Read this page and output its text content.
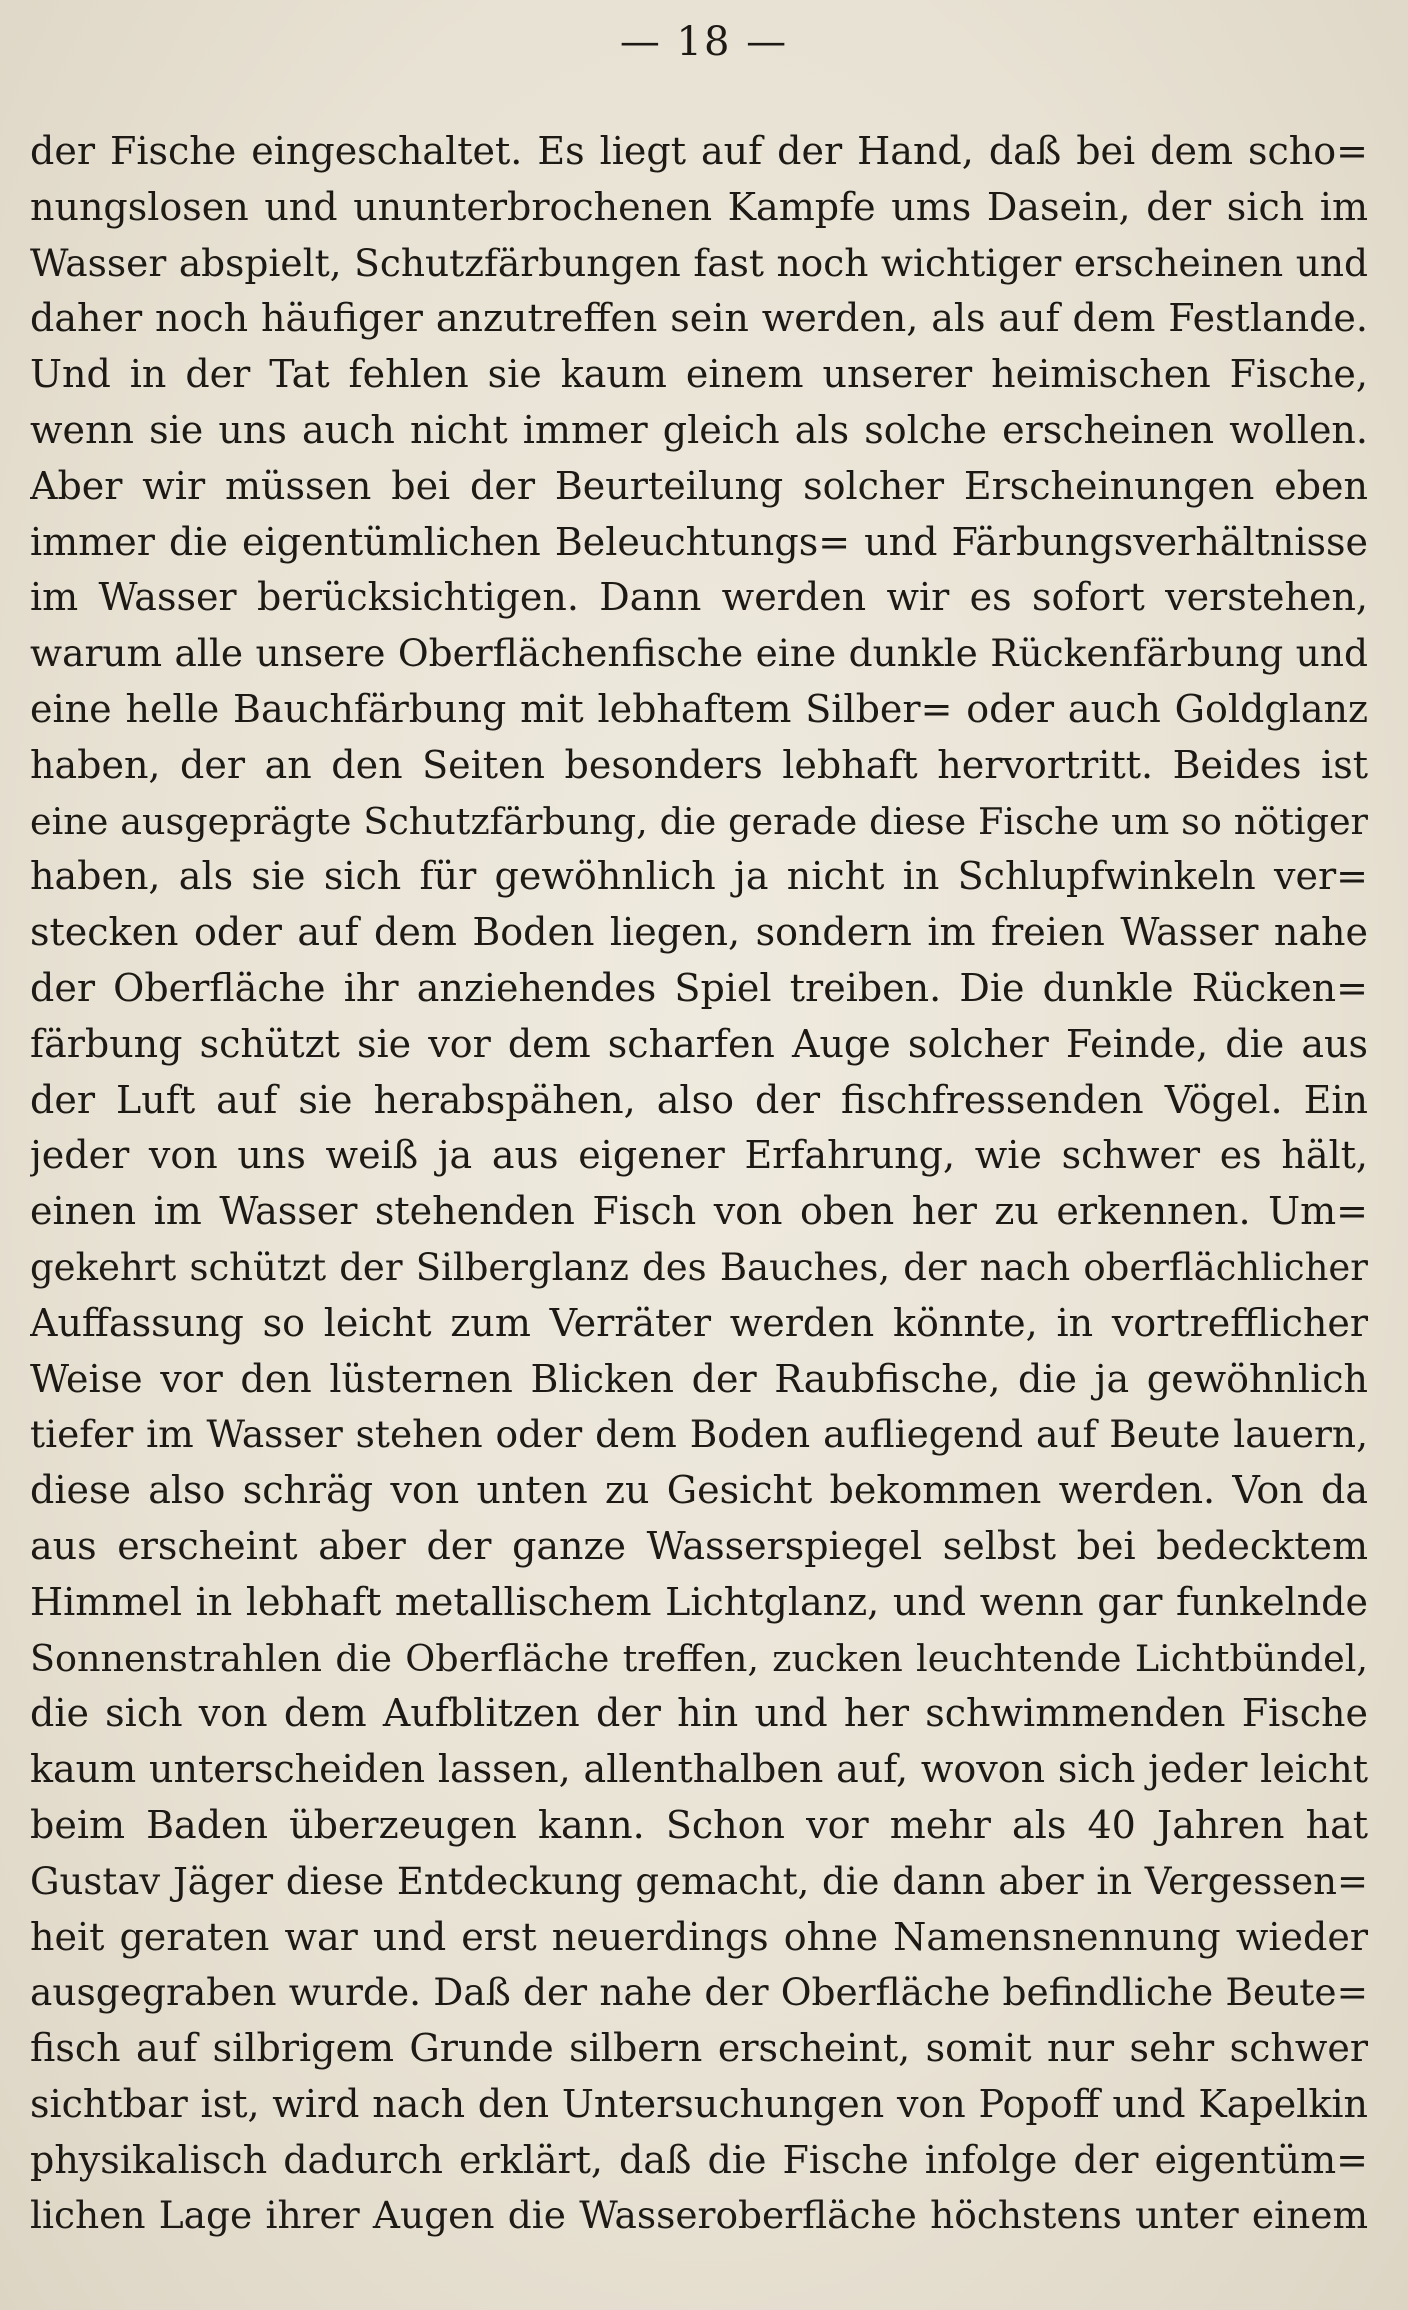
— 18 —
der Fische eingeschaltet. Es liegt auf der Hand, daß bei dem scho=
nungslosen und ununterbrochenen Kampfe ums Dasein, der sich im
Wasser abspielt, Schutzfärbungen fast noch wichtiger erscheinen und
daher noch häufiger anzutreffen sein werden, als auf dem Festlande.
Und in der Tat fehlen sie kaum einem unserer heimischen Fische,
wenn sie uns auch nicht immer gleich als solche erscheinen wollen.
Aber wir müssen bei der Beurteilung solcher Erscheinungen eben
immer die eigentümlichen Beleuchtungs= und Färbungsverhältnisse
im Wasser berücksichtigen. Dann werden wir es sofort verstehen,
warum alle unsere Oberflächenfische eine dunkle Rückenfärbung und
eine helle Bauchfärbung mit lebhaftem Silber= oder auch Goldglanz
haben, der an den Seiten besonders lebhaft hervortritt. Beides ist
eine ausgeprägte Schutzfärbung, die gerade diese Fische um so nötiger
haben, als sie sich für gewöhnlich ja nicht in Schlupfwinkeln ver=
stecken oder auf dem Boden liegen, sondern im freien Wasser nahe
der Oberfläche ihr anziehendes Spiel treiben. Die dunkle Rücken=
färbung schützt sie vor dem scharfen Auge solcher Feinde, die aus
der Luft auf sie herabspähen, also der fischfressenden Vögel. Ein
jeder von uns weiß ja aus eigener Erfahrung, wie schwer es hält,
einen im Wasser stehenden Fisch von oben her zu erkennen. Um=
gekehrt schützt der Silberglanz des Bauches, der nach oberflächlicher
Auffassung so leicht zum Verräter werden könnte, in vortrefflicher
Weise vor den lüsternen Blicken der Raubfische, die ja gewöhnlich
tiefer im Wasser stehen oder dem Boden aufliegend auf Beute lauern,
diese also schräg von unten zu Gesicht bekommen werden. Von da
aus erscheint aber der ganze Wasserspiegel selbst bei bedecktem
Himmel in lebhaft metallischem Lichtglanz, und wenn gar funkelnde
Sonnenstrahlen die Oberfläche treffen, zucken leuchtende Lichtbündel,
die sich von dem Aufblitzen der hin und her schwimmenden Fische
kaum unterscheiden lassen, allenthalben auf, wovon sich jeder leicht
beim Baden überzeugen kann. Schon vor mehr als 40 Jahren hat
Gustav Jäger diese Entdeckung gemacht, die dann aber in Vergessen=
heit geraten war und erst neuerdings ohne Namensnennung wieder
ausgegraben wurde. Daß der nahe der Oberfläche befindliche Beute=
fisch auf silbrigem Grunde silbern erscheint, somit nur sehr schwer
sichtbar ist, wird nach den Untersuchungen von Popoff und Kapelkin
physikalisch dadurch erklärt, daß die Fische infolge der eigentüm=
lichen Lage ihrer Augen die Wasseroberfläche höchstens unter einem
